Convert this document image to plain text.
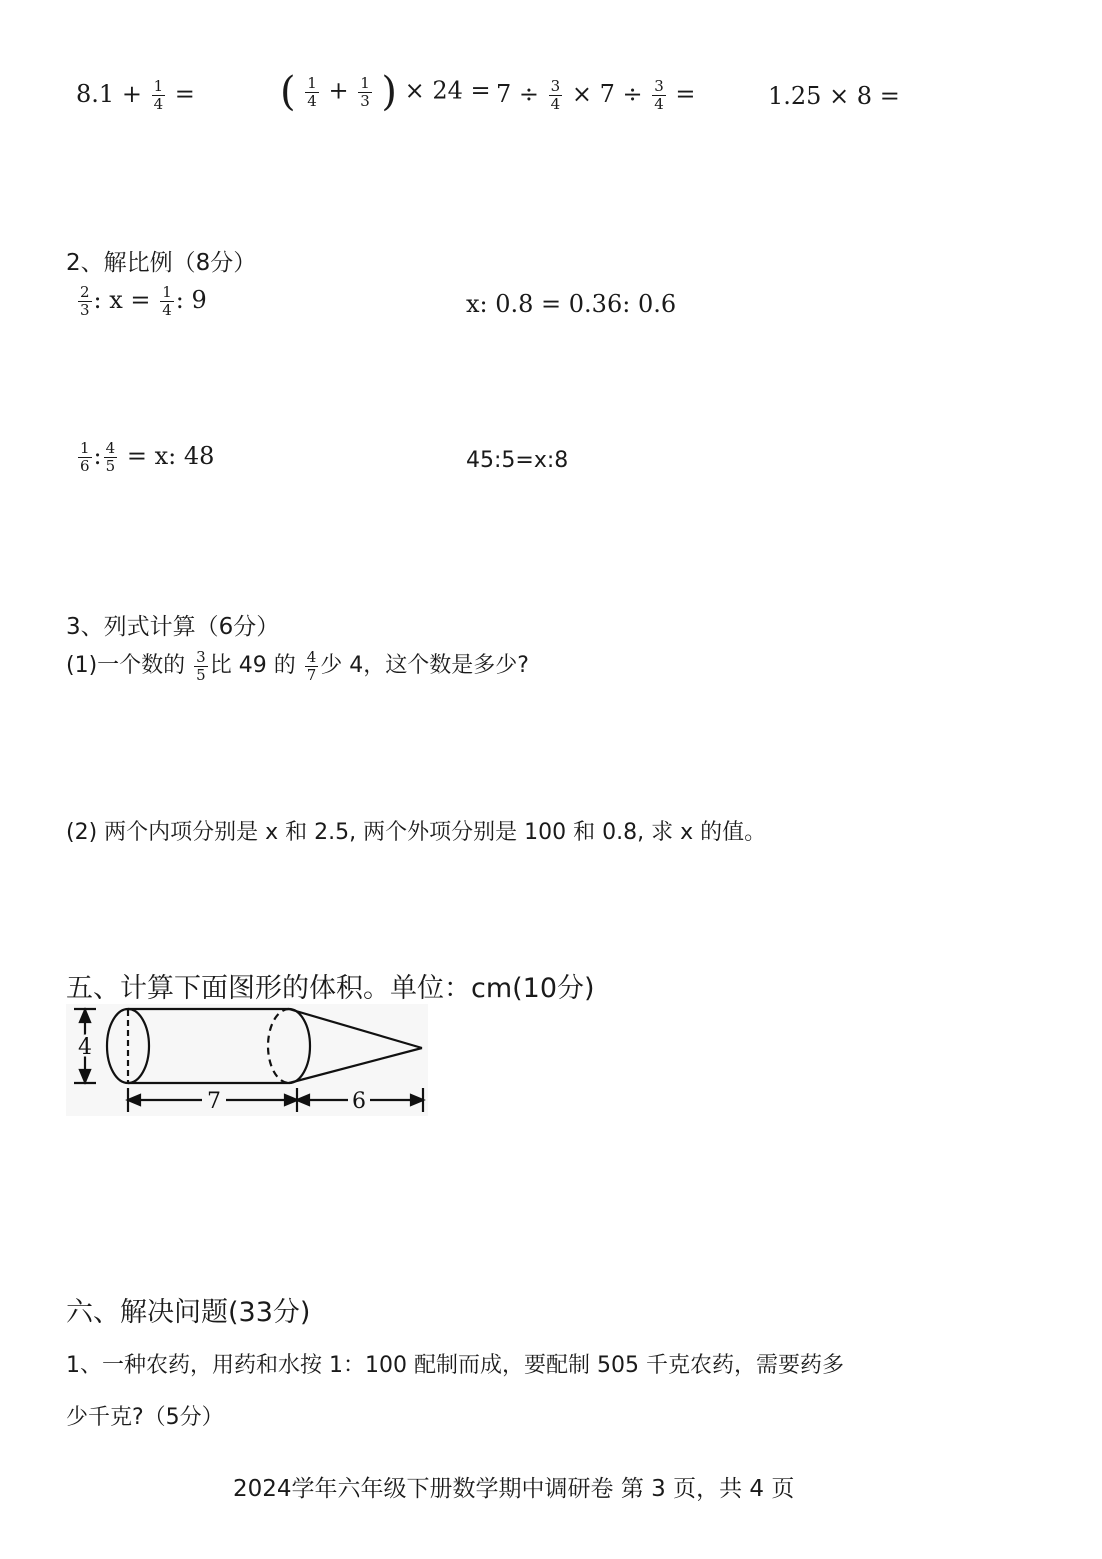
$8.1 + \frac{1}{4}$ = ( $\frac{1}{4} + \frac{1}{3}$ ) × $24 = 7 \div \frac{3}{4} \times 7 \div \frac{3}{4}$ =	1.25 × 8 =
2、解比例（8分）
$\frac{2}{3}$ : $x = \frac{1}{4}$ : 9	x: 0.8 = 0.36: 0.6
$\frac{1}{6}$ : $\frac{4}{5} = x$: 48	45:5=x:8
3、列式计算（6分）
(1)一个数的 $\frac{3}{5}$ 比 49 的 $\frac{4}{7}$ 少 4，这个数是多少?
(2) 两个内项分别是 x 和 2.5, 两个外项分别是 100 和 0.8, 求 x 的值。
五、计算下面图形的体积。单位：cm(10分)
4
7	6
六、解决问题(33分)
1、一种农药，用药和水按 1：100 配制而成，要配制 505 千克农药，需要药多
少千克?（5分）
2024学年六年级下册数学期中调研卷 第 3 页，共 4 页
